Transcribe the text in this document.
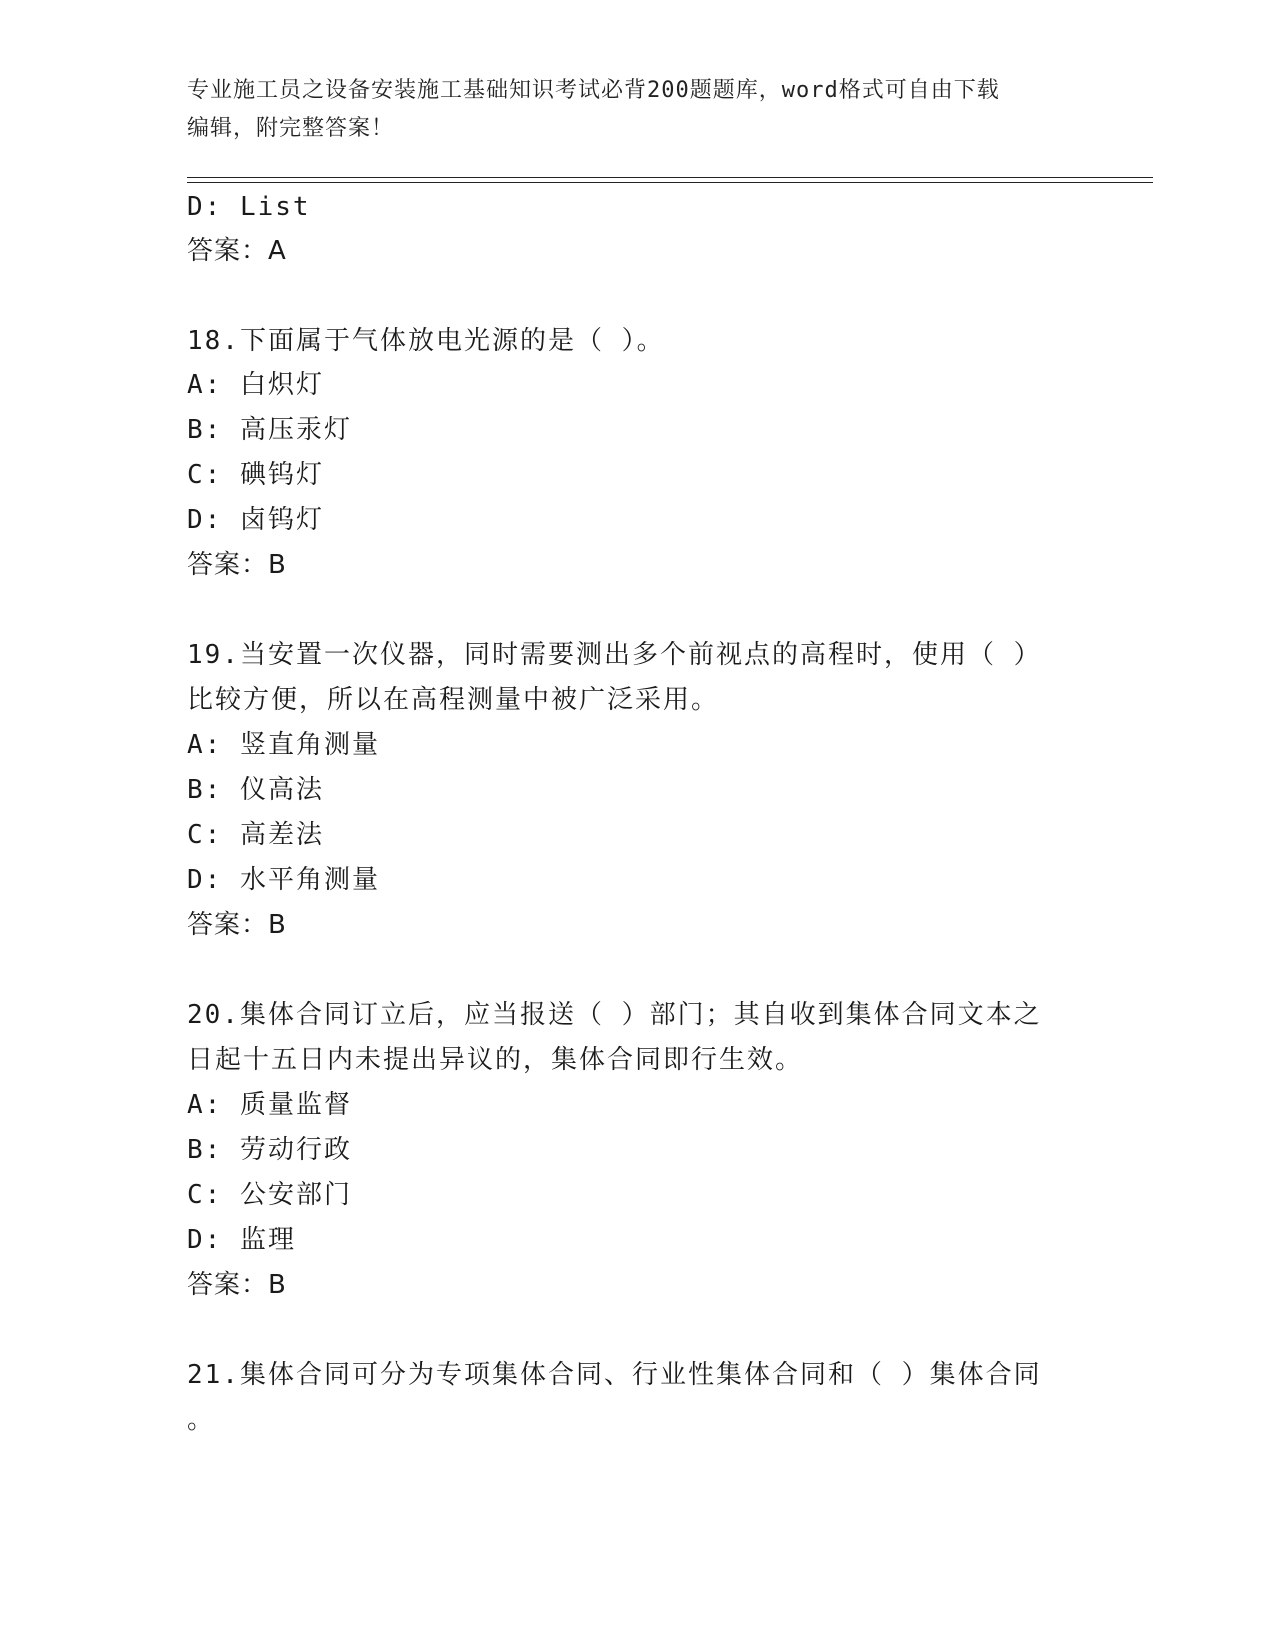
专业施工员之设备安装施工基础知识考试必背200题题库，word格式可自由下载
编辑，附完整答案！
D: List
答案：A
18.下面属于气体放电光源的是（ ）。
A: 白炽灯
B: 高压汞灯
C: 碘钨灯
D: 卤钨灯
答案：B
19.当安置一次仪器，同时需要测出多个前视点的高程时，使用（ ）
比较方便，所以在高程测量中被广泛采用。
A: 竖直角测量
B: 仪高法
C: 高差法
D: 水平角测量
答案：B
20.集体合同订立后，应当报送（ ）部门；其自收到集体合同文本之
日起十五日内未提出异议的，集体合同即行生效。
A: 质量监督
B: 劳动行政
C: 公安部门
D: 监理
答案：B
21.集体合同可分为专项集体合同、行业性集体合同和（ ）集体合同
。
